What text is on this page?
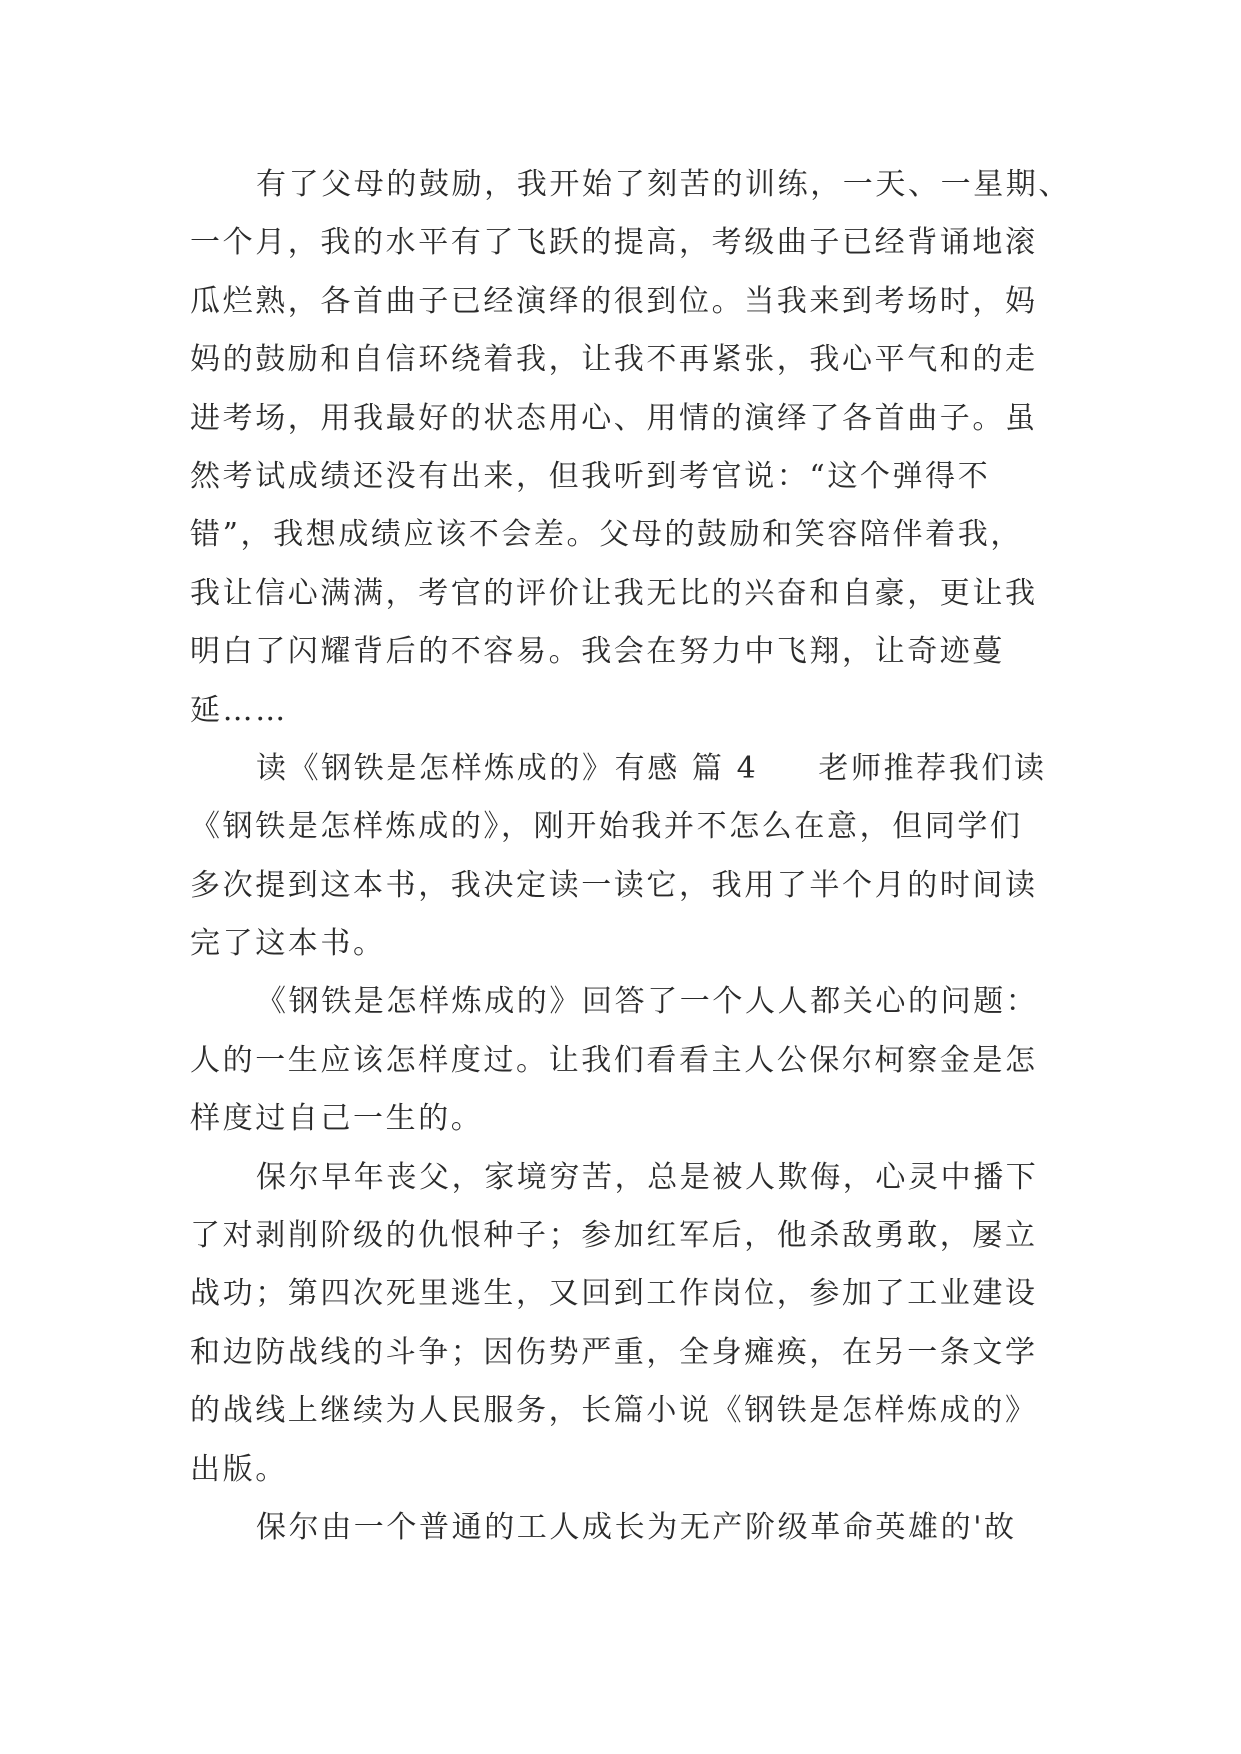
有了父母的鼓励，我开始了刻苦的训练，一天、一星期、
一个月，我的水平有了飞跃的提高，考级曲子已经背诵地滚
瓜烂熟，各首曲子已经演绎的很到位。当我来到考场时，妈
妈的鼓励和自信环绕着我，让我不再紧张，我心平气和的走
进考场，用我最好的状态用心、用情的演绎了各首曲子。虽
然考试成绩还没有出来，但我听到考官说：“这个弹得不
错”，我想成绩应该不会差。父母的鼓励和笑容陪伴着我，
我让信心满满，考官的评价让我无比的兴奋和自豪，更让我
明白了闪耀背后的不容易。我会在努力中飞翔，让奇迹蔓
延……
读《钢铁是怎样炼成的》有感 篇 4 老师推荐我们读
《钢铁是怎样炼成的》，刚开始我并不怎么在意，但同学们
多次提到这本书，我决定读一读它，我用了半个月的时间读
完了这本书。
《钢铁是怎样炼成的》回答了一个人人都关心的问题：
人的一生应该怎样度过。让我们看看主人公保尔柯察金是怎
样度过自己一生的。
保尔早年丧父，家境穷苦，总是被人欺侮，心灵中播下
了对剥削阶级的仇恨种子；参加红军后，他杀敌勇敢，屡立
战功；第四次死里逃生，又回到工作岗位，参加了工业建设
和边防战线的斗争；因伤势严重，全身瘫痪，在另一条文学
的战线上继续为人民服务，长篇小说《钢铁是怎样炼成的》
出版。
保尔由一个普通的工人成长为无产阶级革命英雄的'故
